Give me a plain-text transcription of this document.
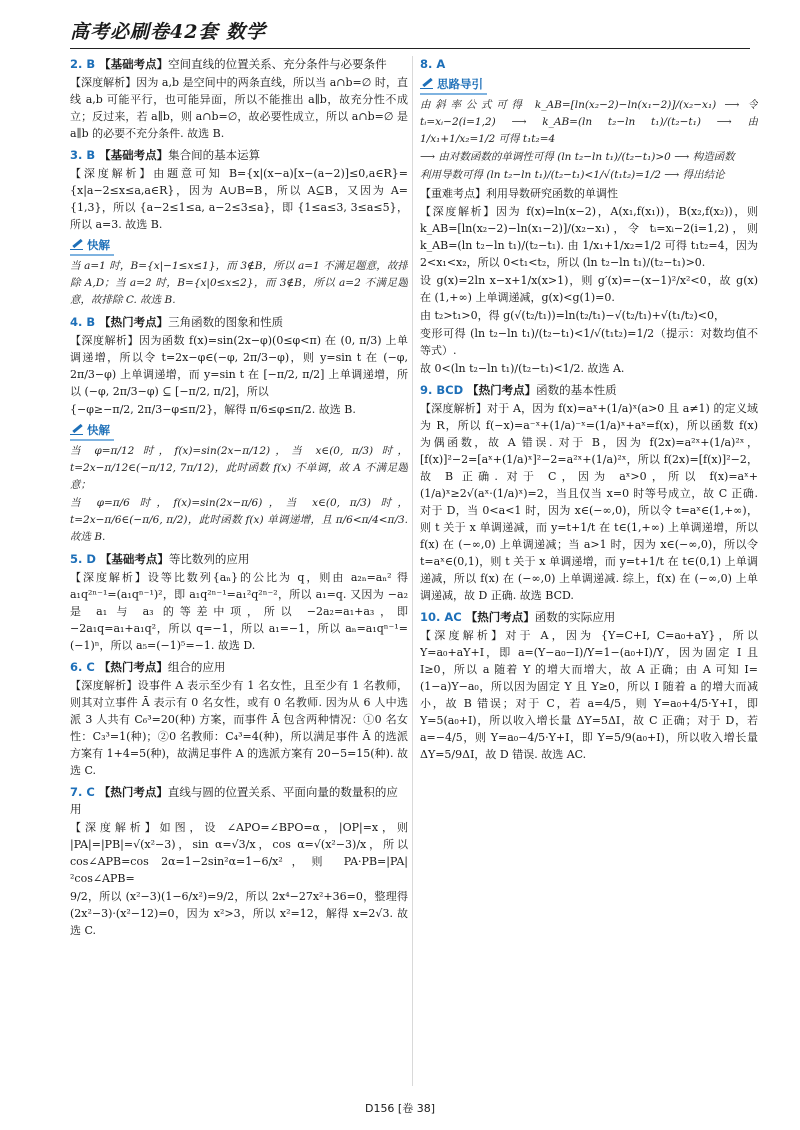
高考必刷卷42套 数学
2. B 【基础考点】空间直线的位置关系、充分条件与必要条件
【深度解析】因为 a,b 是空间中的两条直线，所以当 a∩b=∅ 时，直线 a,b 可能平行，也可能异面，所以不能推出 a∥b，故充分性不成立；反过来，若 a∥b，则 a∩b=∅，故必要性成立，所以 a∩b=∅ 是 a∥b 的必要不充分条件. 故选 B.
3. B 【基础考点】集合间的基本运算
【深度解析】由题意可知 B={x|(x−a)[x−(a−2)]≤0,a∈R}={x|a−2≤x≤a,a∈R}，因为 A∪B=B，所以 A⊆B，又因为 A={1,3}，所以 {a−2≤1≤a, a−2≤3≤a}，即 {1≤a≤3, 3≤a≤5}，所以 a=3. 故选 B.
快解
当 a=1 时，B={x|−1≤x≤1}，而 3∉B，所以 a=1 不满足题意，故排除 A,D；当 a=2 时，B={x|0≤x≤2}，而 3∉B，所以 a=2 不满足题意，故排除 C. 故选 B.
4. B 【热门考点】三角函数的图象和性质
【深度解析】因为函数 f(x)=sin(2x−φ)(0≤φ<π) 在 (0, π/3) 上单调递增，所以令 t=2x−φ∈(−φ, 2π/3−φ)，则 y=sin t 在 (−φ, 2π/3−φ) 上单调递增，而 y=sin t 在 [−π/2, π/2] 上单调递增，所以 (−φ, 2π/3−φ) ⊆ [−π/2, π/2]，所以
{−φ≥−π/2, 2π/3−φ≤π/2}，解得 π/6≤φ≤π/2. 故选 B.
快解
当 φ=π/12 时，f(x)=sin(2x−π/12)，当 x∈(0, π/3) 时，t=2x−π/12∈(−π/12, 7π/12)，此时函数 f(x) 不单调，故 A 不满足题意；
当 φ=π/6 时，f(x)=sin(2x−π/6)，当 x∈(0, π/3) 时，t=2x−π/6∈(−π/6, π/2)，此时函数 f(x) 单调递增，且 π/6<π/4<π/3. 故选 B.
5. D 【基础考点】等比数列的应用
【深度解析】设等比数列{aₙ}的公比为 q，则由 a₂ₙ=aₙ² 得 a₁q²ⁿ⁻¹=(a₁qⁿ⁻¹)²，即 a₁q²ⁿ⁻¹=a₁²q²ⁿ⁻²，所以 a₁=q. 又因为 −a₂ 是 a₁ 与 a₃ 的等差中项，所以 −2a₂=a₁+a₃，即 −2a₁q=a₁+a₁q²，所以 q=−1，所以 a₁=−1，所以 aₙ=a₁qⁿ⁻¹=(−1)ⁿ，所以 a₅=(−1)⁵=−1. 故选 D.
6. C 【热门考点】组合的应用
【深度解析】设事件 A 表示至少有 1 名女性，且至少有 1 名教师，则其对立事件 Ā 表示有 0 名女性，或有 0 名教师. 因为从 6 人中选派 3 人共有 C₆³=20(种) 方案，而事件 Ā 包含两种情况：①0 名女性：C₃³=1(种)；②0 名教师：C₄³=4(种)，所以满足事件 Ā 的选派方案有 1+4=5(种)，故满足事件 A 的选派方案有 20−5=15(种). 故选 C.
7. C 【热门考点】直线与圆的位置关系、平面向量的数量积的应用
【深度解析】如图，设 ∠APO=∠BPO=α，|OP|=x，则 |PA|=|PB|=√(x²−3)，sin α=√3/x，cos α=√(x²−3)/x，所以 cos∠APB=cos 2α=1−2sin²α=1−6/x²，则 PA·PB=|PA|²cos∠APB=
9/2，所以 (x²−3)(1−6/x²)=9/2，所以 2x⁴−27x²+36=0，整理得 (2x²−3)·(x²−12)=0，因为 x²>3，所以 x²=12，解得 x=2√3. 故选 C.
8. A
思路导引
由斜率公式可得 k_AB=[ln(x₂−2)−ln(x₁−2)]/(x₂−x₁) ⟶ 令 tᵢ=xᵢ−2(i=1,2) ⟶ k_AB=(ln t₂−ln t₁)/(t₂−t₁) ⟶ 由 1/x₁+1/x₂=1/2 可得 t₁t₂=4
⟶ 由对数函数的单调性可得 (ln t₂−ln t₁)/(t₂−t₁)>0 ⟶ 构造函数
利用导数可得 (ln t₂−ln t₁)/(t₂−t₁)<1/√(t₁t₂)=1/2 ⟶ 得出结论
【重难考点】利用导数研究函数的单调性
【深度解析】因为 f(x)=ln(x−2)，A(x₁,f(x₁))，B(x₂,f(x₂))，则 k_AB=[ln(x₂−2)−ln(x₁−2)]/(x₂−x₁)，令 tᵢ=xᵢ−2(i=1,2)，则 k_AB=(ln t₂−ln t₁)/(t₂−t₁). 由 1/x₁+1/x₂=1/2 可得 t₁t₂=4，因为 2<x₁<x₂，所以 0<t₁<t₂，所以 (ln t₂−ln t₁)/(t₂−t₁)>0.
设 g(x)=2ln x−x+1/x(x>1)，则 g′(x)=−(x−1)²/x²<0，故 g(x) 在 (1,+∞) 上单调递减，g(x)<g(1)=0.
由 t₂>t₁>0，得 g(√(t₂/t₁))=ln(t₂/t₁)−√(t₂/t₁)+√(t₁/t₂)<0，
变形可得 (ln t₂−ln t₁)/(t₂−t₁)<1/√(t₁t₂)=1/2（提示：对数均值不等式）.
故 0<(ln t₂−ln t₁)/(t₂−t₁)<1/2. 故选 A.
9. BCD 【热门考点】函数的基本性质
【深度解析】对于 A，因为 f(x)=aˣ+(1/a)ˣ(a>0 且 a≠1) 的定义域为 R，所以 f(−x)=a⁻ˣ+(1/a)⁻ˣ=(1/a)ˣ+aˣ=f(x)，所以函数 f(x) 为偶函数，故 A 错误. 对于 B，因为 f(2x)=a²ˣ+(1/a)²ˣ，[f(x)]²−2=[aˣ+(1/a)ˣ]²−2=a²ˣ+(1/a)²ˣ，所以 f(2x)=[f(x)]²−2，故 B 正确. 对于 C，因为 aˣ>0，所以 f(x)=aˣ+(1/a)ˣ≥2√(aˣ·(1/a)ˣ)=2，当且仅当 x=0 时等号成立，故 C 正确. 对于 D，当 0<a<1 时，因为 x∈(−∞,0)，所以令 t=aˣ∈(1,+∞)，则 t 关于 x 单调递减，而 y=t+1/t 在 t∈(1,+∞) 上单调递增，所以 f(x) 在 (−∞,0) 上单调递减；当 a>1 时，因为 x∈(−∞,0)，所以令 t=aˣ∈(0,1)，则 t 关于 x 单调递增，而 y=t+1/t 在 t∈(0,1) 上单调递减，所以 f(x) 在 (−∞,0) 上单调递减. 综上，f(x) 在 (−∞,0) 上单调递减，故 D 正确. 故选 BCD.
10. AC 【热门考点】函数的实际应用
【深度解析】对于 A，因为 {Y=C+I, C=a₀+aY}，所以 Y=a₀+aY+I，即 a=(Y−a₀−I)/Y=1−(a₀+I)/Y，因为固定 I 且 I≥0，所以 a 随着 Y 的增大而增大，故 A 正确；由 A 可知 I=(1−a)Y−a₀，所以因为固定 Y 且 Y≥0，所以 I 随着 a 的增大而减小，故 B 错误；对于 C，若 a=4/5，则 Y=a₀+4/5·Y+I，即 Y=5(a₀+I)，所以收入增长量 ΔY=5ΔI，故 C 正确；对于 D，若 a=−4/5，则 Y=a₀−4/5·Y+I，即 Y=5/9(a₀+I)，所以收入增长量 ΔY=5/9ΔI，故 D 错误. 故选 AC.
D156 [卷 38]
